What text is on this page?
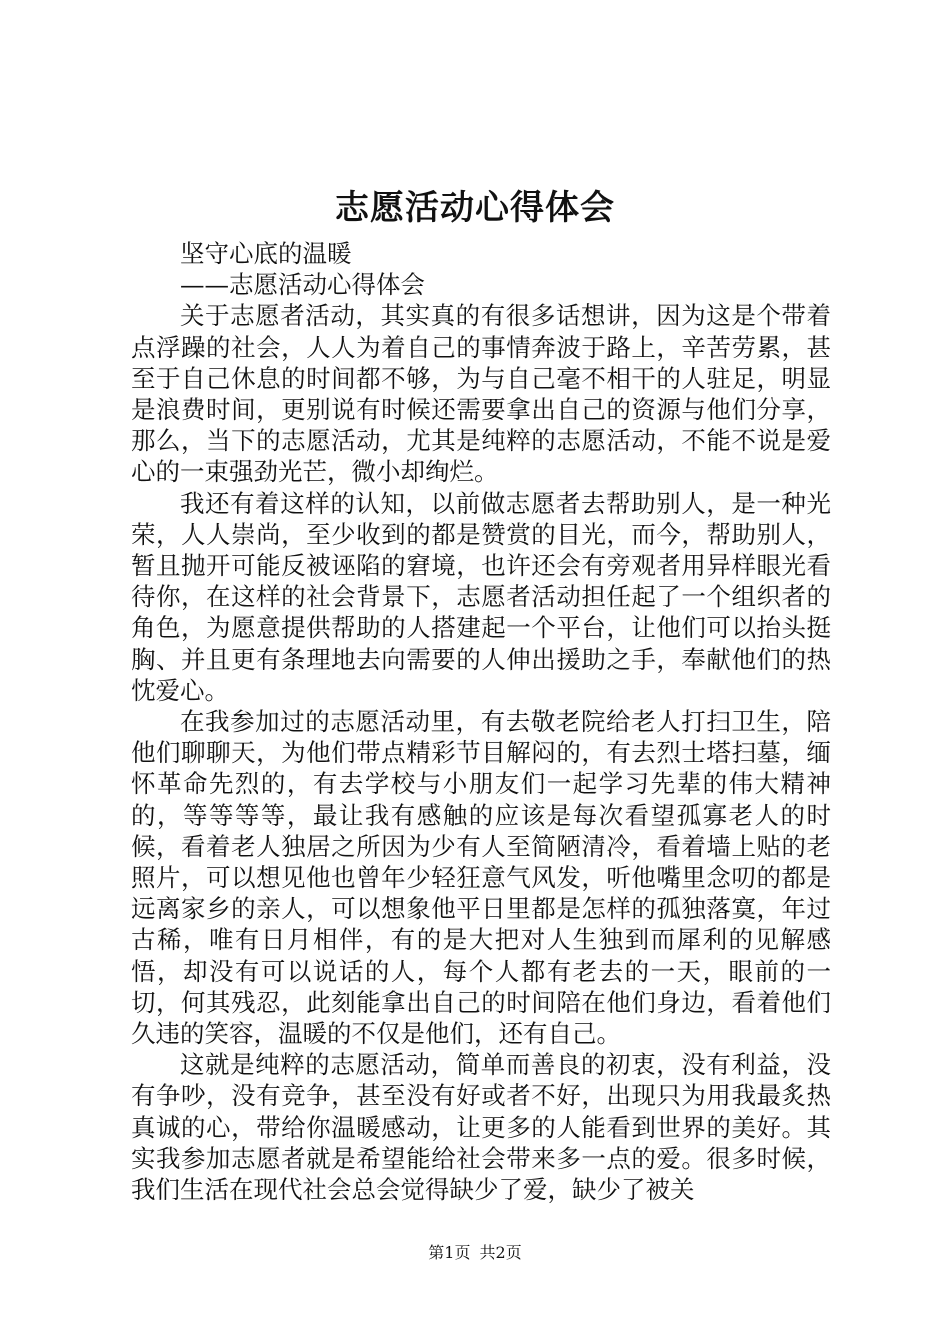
志愿活动心得体会

坚守心底的温暖

——志愿活动心得体会

关于志愿者活动，其实真的有很多话想讲，因为这是个带着点浮躁的社会，人人为着自己的事情奔波于路上，辛苦劳累，甚至于自己休息的时间都不够，为与自己毫不相干的人驻足，明显是浪费时间，更别说有时候还需要拿出自己的资源与他们分享，那么，当下的志愿活动，尤其是纯粹的志愿活动，不能不说是爱心的一束强劲光芒，微小却绚烂。

我还有着这样的认知，以前做志愿者去帮助别人，是一种光荣，人人崇尚，至少收到的都是赞赏的目光，而今，帮助别人，暂且抛开可能反被诬陷的窘境，也许还会有旁观者用异样眼光看待你，在这样的社会背景下，志愿者活动担任起了一个组织者的角色，为愿意提供帮助的人搭建起一个平台，让他们可以抬头挺胸、并且更有条理地去向需要的人伸出援助之手，奉献他们的热忱爱心。

在我参加过的志愿活动里，有去敬老院给老人打扫卫生，陪他们聊聊天，为他们带点精彩节目解闷的，有去烈士塔扫墓，缅怀革命先烈的，有去学校与小朋友们一起学习先辈的伟大精神的，等等等等，最让我有感触的应该是每次看望孤寡老人的时候，看着老人独居之所因为少有人至简陋清冷，看着墙上贴的老照片，可以想见他也曾年少轻狂意气风发，听他嘴里念叨的都是远离家乡的亲人，可以想象他平日里都是怎样的孤独落寞，年过古稀，唯有日月相伴，有的是大把对人生独到而犀利的见解感悟，却没有可以说话的人，每个人都有老去的一天，眼前的一切，何其残忍，此刻能拿出自己的时间陪在他们身边，看着他们久违的笑容，温暖的不仅是他们，还有自己。

这就是纯粹的志愿活动，简单而善良的初衷，没有利益，没有争吵，没有竞争，甚至没有好或者不好，出现只为用我最炙热真诚的心，带给你温暖感动，让更多的人能看到世界的美好。其实我参加志愿者就是希望能给社会带来多一点的爱。很多时候，我们生活在现代社会总会觉得缺少了爱，缺少了被关

第1页 共2页
